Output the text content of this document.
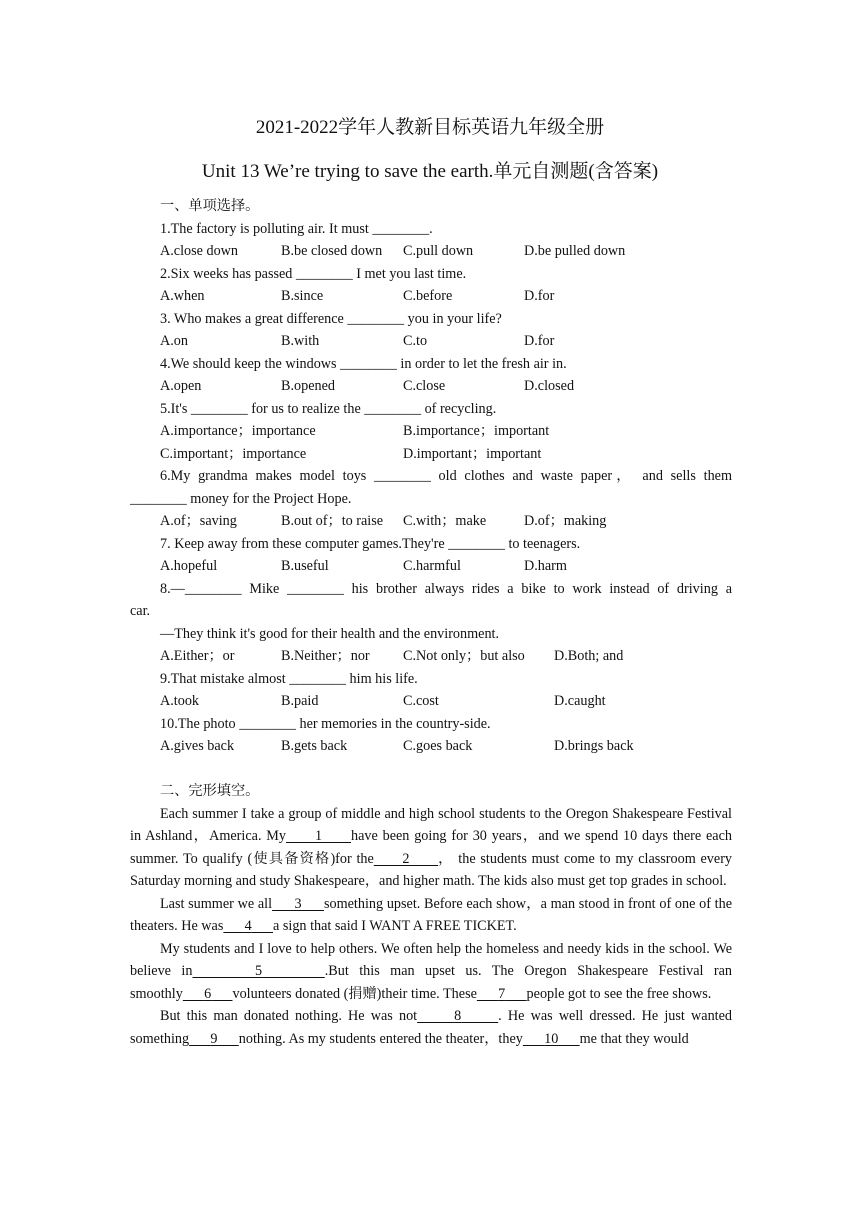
2021-2022学年人教新目标英语九年级全册
Unit 13 We’re trying to save the earth.单元自测题(含答案)
一、单项选择。
1.The factory is polluting air. It must ________.
A.close down	B.be closed down C.pull down	D.be pulled down
2.Six weeks has passed ________ I met you last time.
A.when	B.since	C.before	D.for
3. Who makes a great difference ________ you in your life?
A.on	B.with	C.to	D.for
4.We should keep the windows ________ in order to let the fresh air in.
A.open	B.opened	C.close	D.closed
5.It's ________ for us to realize the ________ of recycling.
A.importance；importance	B.importance；important
C.important；importance	D.important；important
6.My grandma makes model toys ________ old clothes and waste paper， and sells them
________ money for the Project Hope.
A.of；saving	B.out of；to raise C.with；make	D.of；making
7. Keep away from these computer games.They're ________ to teenagers.
A.hopeful	B.useful	C.harmful	D.harm
8.—________ Mike ________ his brother always rides a bike to work instead of driving a
car.
—They think it's good for their health and the environment.
A.Either；or	B.Neither；nor C.Not only；but also D.Both; and
9.That mistake almost ________ him his life.
A.took	B.paid	C.cost	D.caught
10.The photo ________ her memories in the country-side.
A.gives back	B.gets back	C.goes back	D.brings back
二、完形填空。

Each summer I take a group of middle and high school students to the Oregon Shakespeare Festival in Ashland，America. My 1 have been going for 30 years，and we spend 10 days there each summer. To qualify (使具备资格)for the 2 ， the students must come to my classroom every Saturday morning and study Shakespeare，and higher math. The kids also must get top grades in school.

Last summer we all 3 something upset. Before each show，a man stood in front of one of the theaters. He was 4 a sign that said I WANT A FREE TICKET.

My students and I love to help others. We often help the homeless and needy kids in the school. We believe in	5	.But this man upset us. The Oregon Shakespeare Festival ran smoothly 6 volunteers donated (捐赠)their time. These 7 people got to see the free shows.

But this man donated nothing. He was not	8	. He was well dressed. He just wanted something 9 nothing. As my students entered the theater，they 10 me that they would
